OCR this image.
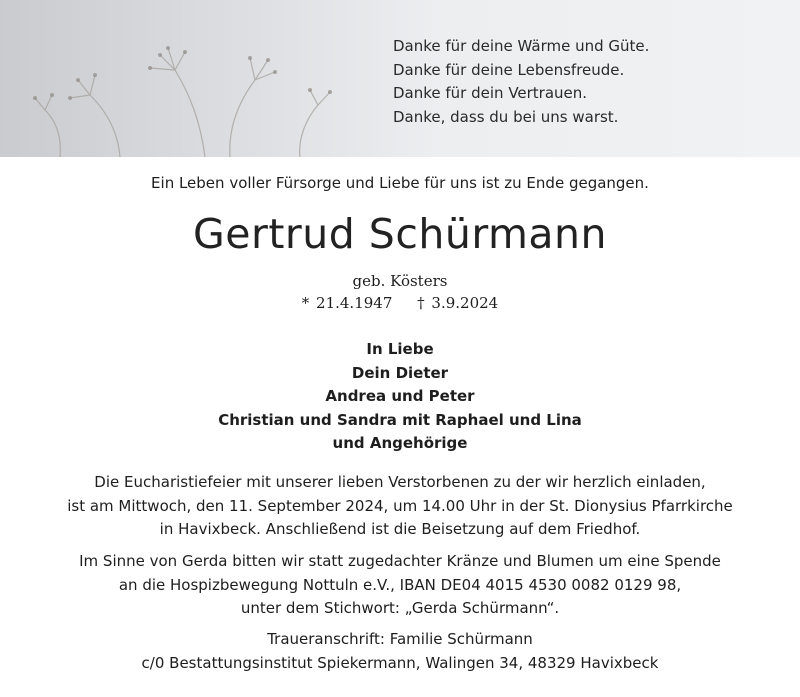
Danke für deine Wärme und Güte.
Danke für deine Lebensfreude.
Danke für dein Vertrauen.
Danke, dass du bei uns warst.
Ein Leben voller Fürsorge und Liebe für uns ist zu Ende gegangen.
Gertrud Schürmann
geb. Kösters
* 21.4.1947 † 3.9.2024
In Liebe
Dein Dieter
Andrea und Peter
Christian und Sandra mit Raphael und Lina
und Angehörige
Die Eucharistiefeier mit unserer lieben Verstorbenen zu der wir herzlich einladen,
ist am Mittwoch, den 11. September 2024, um 14.00 Uhr in der St. Dionysius Pfarrkirche
in Havixbeck. Anschließend ist die Beisetzung auf dem Friedhof.
Im Sinne von Gerda bitten wir statt zugedachter Kränze und Blumen um eine Spende
an die Hospizbewegung Nottuln e.V., IBAN DE04 4015 4530 0082 0129 98,
unter dem Stichwort: „Gerda Schürmann“.
Traueranschrift: Familie Schürmann
c/0 Bestattungsinstitut Spiekermann, Walingen 34, 48329 Havixbeck
